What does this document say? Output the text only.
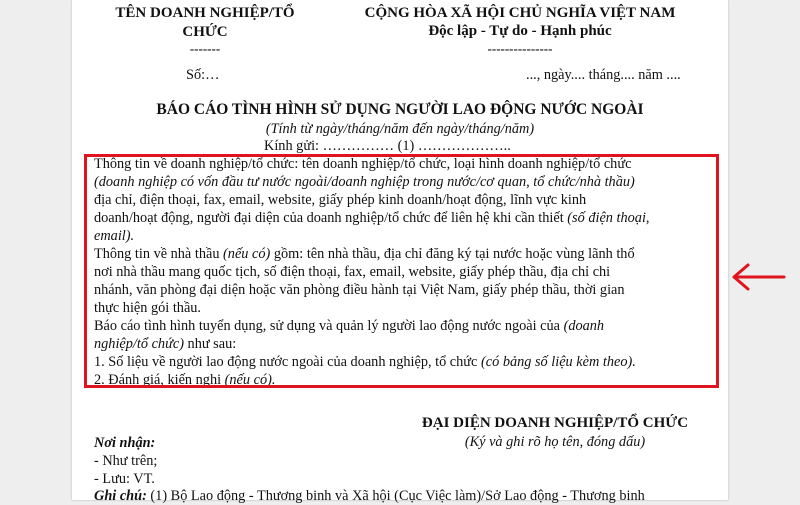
TÊN DOANH NGHIỆP/TỔ
CHỨC
-------
CỘNG HÒA XÃ HỘI CHỦ NGHĨA VIỆT NAM
Độc lập - Tự do - Hạnh phúc
---------------
Số:…	..., ngày.... tháng.... năm ....
BÁO CÁO TÌNH HÌNH SỬ DỤNG NGƯỜI LAO ĐỘNG NƯỚC NGOÀI
(Tính từ ngày/tháng/năm đến ngày/tháng/năm)
Kính gửi: …………… (1) ………………..
Thông tin về doanh nghiệp/tổ chức: tên doanh nghiệp/tổ chức, loại hình doanh nghiệp/tổ chức
(doanh nghiệp có vốn đầu tư nước ngoài/doanh nghiệp trong nước/cơ quan, tổ chức/nhà thầu)
địa chỉ, điện thoại, fax, email, website, giấy phép kinh doanh/hoạt động, lĩnh vực kinh
doanh/hoạt động, người đại diện của doanh nghiệp/tổ chức để liên hệ khi cần thiết (số điện thoại,
email).
Thông tin về nhà thầu (nếu có) gồm: tên nhà thầu, địa chỉ đăng ký tại nước hoặc vùng lãnh thổ
nơi nhà thầu mang quốc tịch, số điện thoại, fax, email, website, giấy phép thầu, địa chỉ chi
nhánh, văn phòng đại diện hoặc văn phòng điều hành tại Việt Nam, giấy phép thầu, thời gian
thực hiện gói thầu.
Báo cáo tình hình tuyển dụng, sử dụng và quản lý người lao động nước ngoài của (doanh
nghiệp/tổ chức) như sau:
1. Số liệu về người lao động nước ngoài của doanh nghiệp, tổ chức (có bảng số liệu kèm theo).
2. Đánh giá, kiến nghị (nếu có).
ĐẠI DIỆN DOANH NGHIỆP/TỔ CHỨC
(Ký và ghi rõ họ tên, đóng dấu)
Nơi nhận:
- Như trên;
- Lưu: VT.
Ghi chú: (1) Bộ Lao động - Thương binh và Xã hội (Cục Việc làm)/Sở Lao động - Thương binh
